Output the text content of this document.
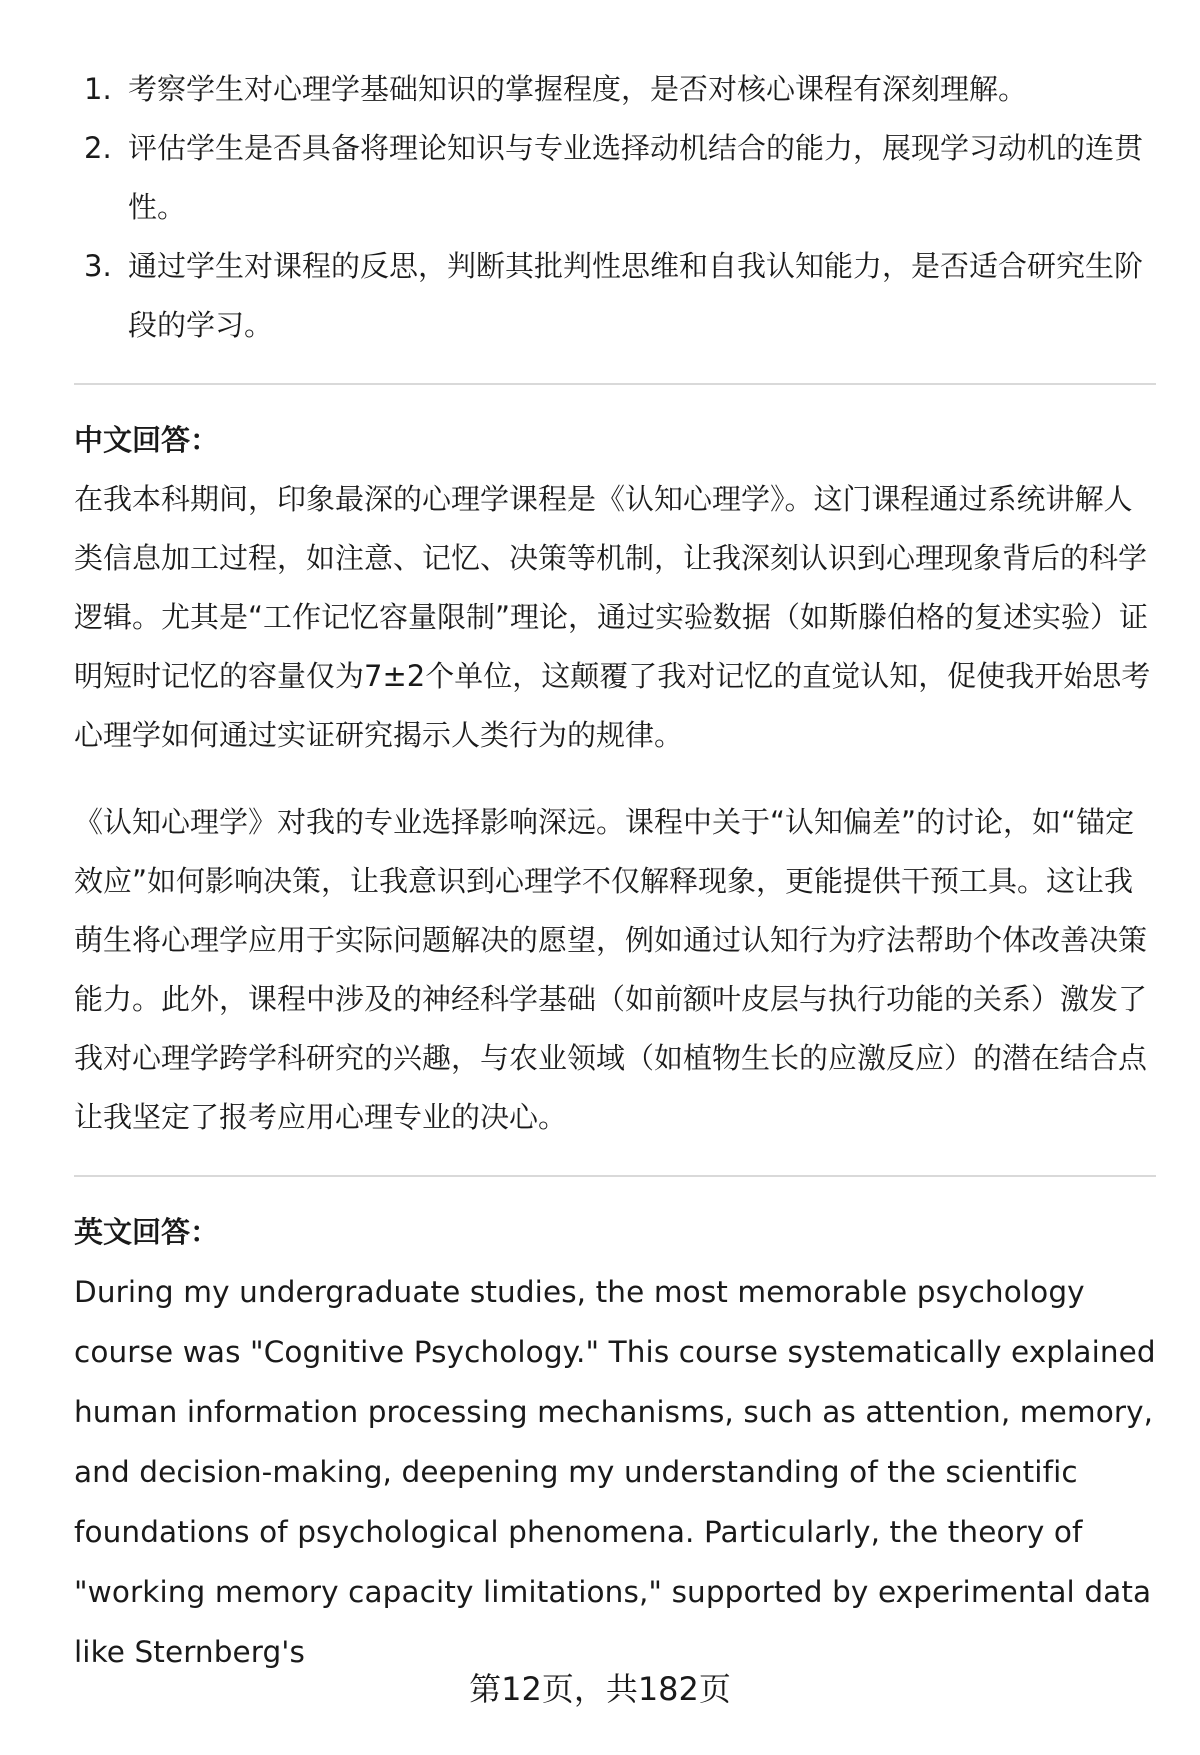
1. 考察学生对心理学基础知识的掌握程度，是否对核心课程有深刻理解。
2. 评估学生是否具备将理论知识与专业选择动机结合的能力，展现学习动机的连贯性。
3. 通过学生对课程的反思，判断其批判性思维和自我认知能力，是否适合研究生阶段的学习。

中文回答：

在我本科期间，印象最深的心理学课程是《认知心理学》。这门课程通过系统讲解人类信息加工过程，如注意、记忆、决策等机制，让我深刻认识到心理现象背后的科学逻辑。尤其是“工作记忆容量限制”理论，通过实验数据（如斯滕伯格的复述实验）证明短时记忆的容量仅为7±2个单位，这颠覆了我对记忆的直觉认知，促使我开始思考心理学如何通过实证研究揭示人类行为的规律。

《认知心理学》对我的专业选择影响深远。课程中关于“认知偏差”的讨论，如“锚定效应”如何影响决策，让我意识到心理学不仅解释现象，更能提供干预工具。这让我萌生将心理学应用于实际问题解决的愿望，例如通过认知行为疗法帮助个体改善决策能力。此外，课程中涉及的神经科学基础（如前额叶皮层与执行功能的关系）激发了我对心理学跨学科研究的兴趣，与农业领域（如植物生长的应激反应）的潜在结合点让我坚定了报考应用心理专业的决心。

英文回答：

During my undergraduate studies, the most memorable psychology course was "Cognitive Psychology." This course systematically explained human information processing mechanisms, such as attention, memory, and decision-making, deepening my understanding of the scientific foundations of psychological phenomena. Particularly, the theory of "working memory capacity limitations," supported by experimental data like Sternberg's

第12页，共182页
